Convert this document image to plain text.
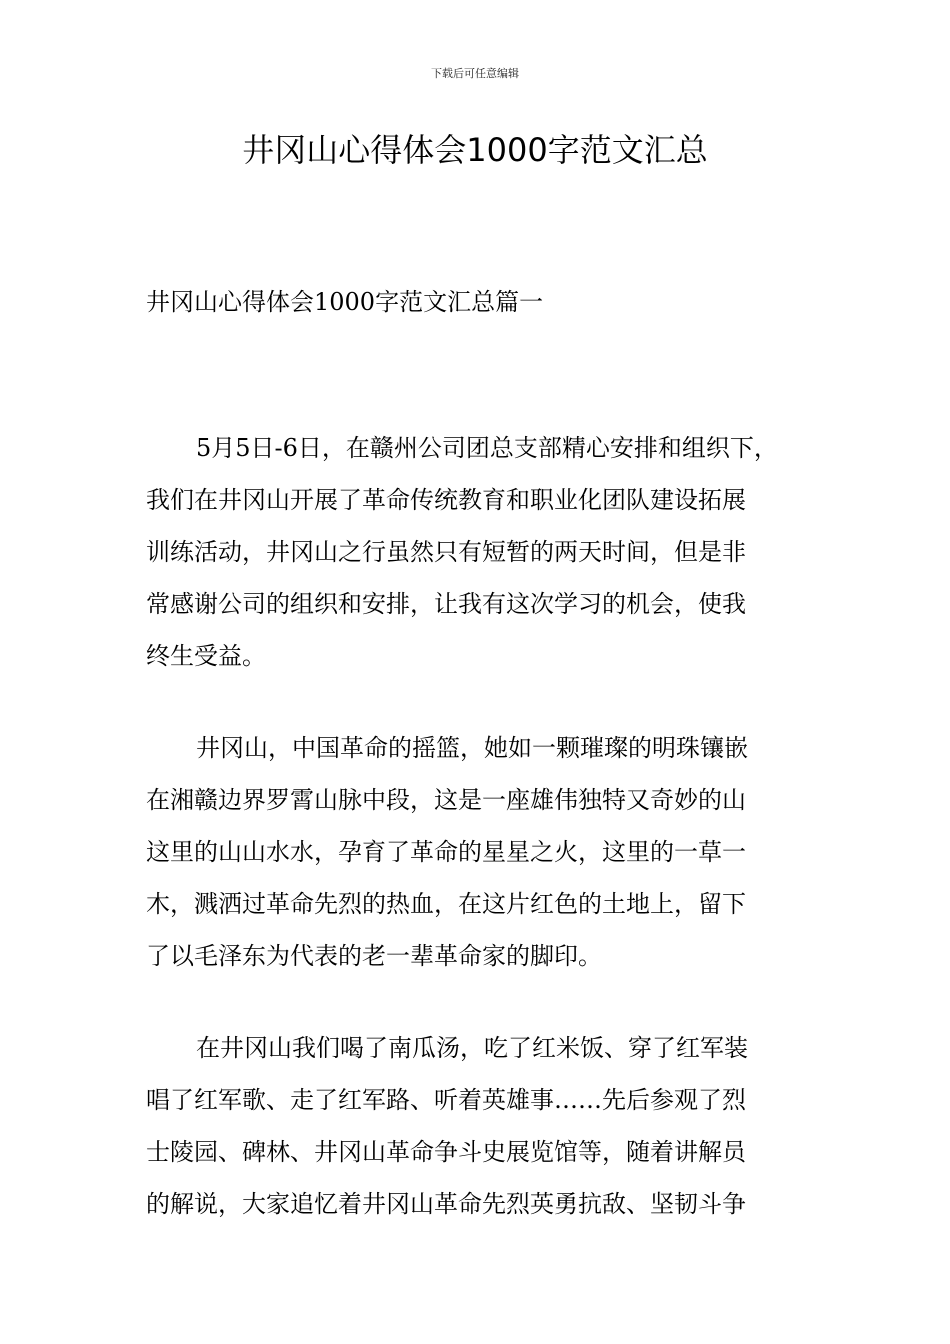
下载后可任意编辑
井冈山心得体会1000字范文汇总
井冈山心得体会1000字范文汇总篇一
5月5日-6日，在赣州公司团总支部精心安排和组织下，
我们在井冈山开展了革命传统教育和职业化团队建设拓展
训练活动，井冈山之行虽然只有短暂的两天时间，但是非
常感谢公司的组织和安排，让我有这次学习的机会，使我
终生受益。
井冈山，中国革命的摇篮，她如一颗璀璨的明珠镶嵌
在湘赣边界罗霄山脉中段，这是一座雄伟独特又奇妙的山
这里的山山水水，孕育了革命的星星之火，这里的一草一
木，溅洒过革命先烈的热血，在这片红色的土地上，留下
了以毛泽东为代表的老一辈革命家的脚印。
在井冈山我们喝了南瓜汤，吃了红米饭、穿了红军装
唱了红军歌、走了红军路、听着英雄事……先后参观了烈
士陵园、碑林、井冈山革命争斗史展览馆等，随着讲解员
的解说，大家追忆着井冈山革命先烈英勇抗敌、坚韧斗争
